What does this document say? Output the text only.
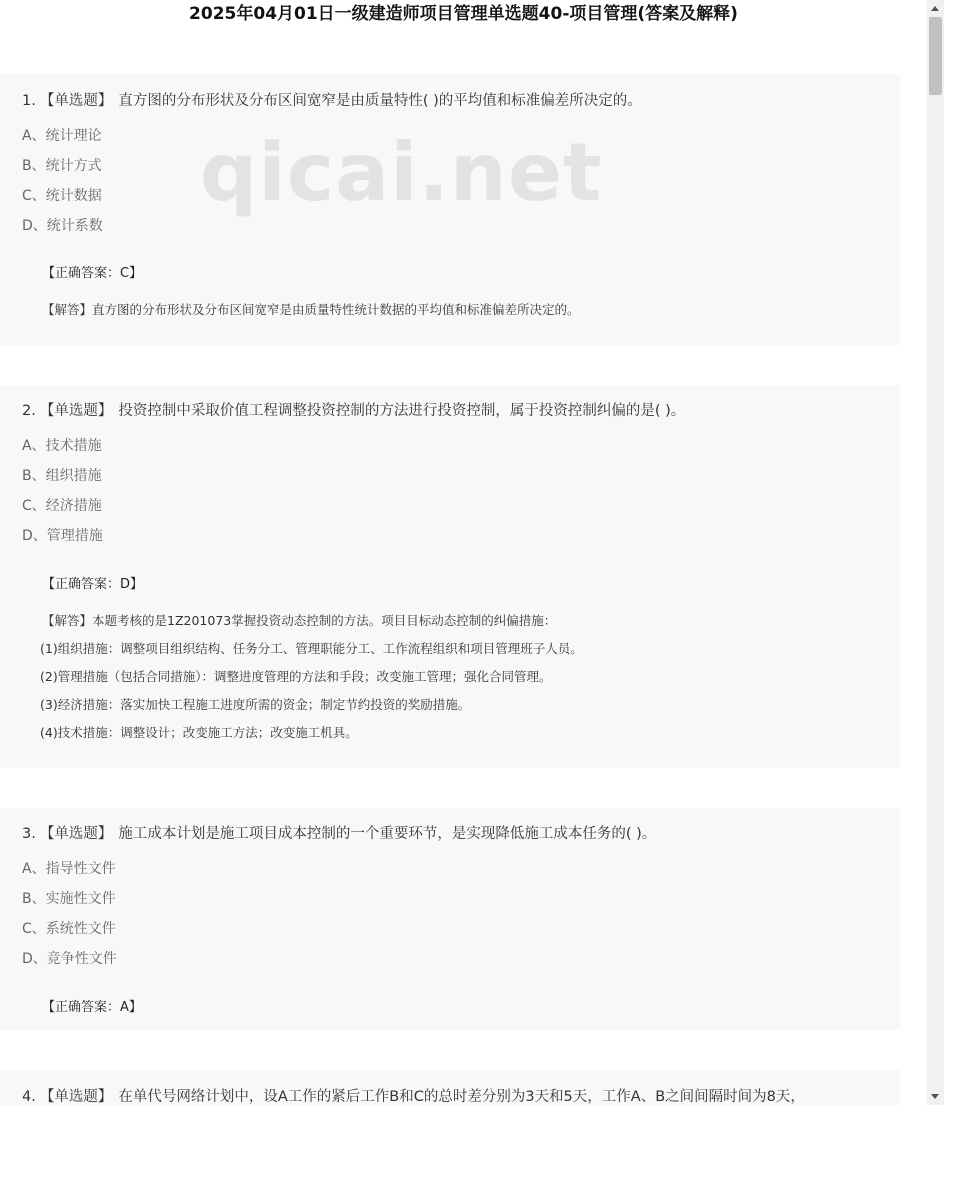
2025年04月01日一级建造师项目管理单选题40-项目管理(答案及解释)
1. 【单选题】 直方图的分布形状及分布区间宽窄是由质量特性( )的平均值和标准偏差所决定的。
A、统计理论
B、统计方式
C、统计数据
D、统计系数
【正确答案：C】
【解答】直方图的分布形状及分布区间宽窄是由质量特性统计数据的平均值和标准偏差所决定的。
2. 【单选题】 投资控制中采取价值工程调整投资控制的方法进行投资控制，属于投资控制纠偏的是( )。
A、技术措施
B、组织措施
C、经济措施
D、管理措施
【正确答案：D】
【解答】本题考核的是1Z201073掌握投资动态控制的方法。项目目标动态控制的纠偏措施：
(1)组织措施：调整项目组织结构、任务分工、管理职能分工、工作流程组织和项目管理班子人员。
(2)管理措施（包括合同措施）：调整进度管理的方法和手段；改变施工管理；强化合同管理。
(3)经济措施：落实加快工程施工进度所需的资金；制定节约投资的奖励措施。
(4)技术措施：调整设计；改变施工方法；改变施工机具。
3. 【单选题】 施工成本计划是施工项目成本控制的一个重要环节，是实现降低施工成本任务的( )。
A、指导性文件
B、实施性文件
C、系统性文件
D、竞争性文件
【正确答案：A】
4. 【单选题】 在单代号网络计划中，设A工作的紧后工作B和C的总时差分别为3天和5天，工作A、B之间间隔时间为8天，
qicai.net
